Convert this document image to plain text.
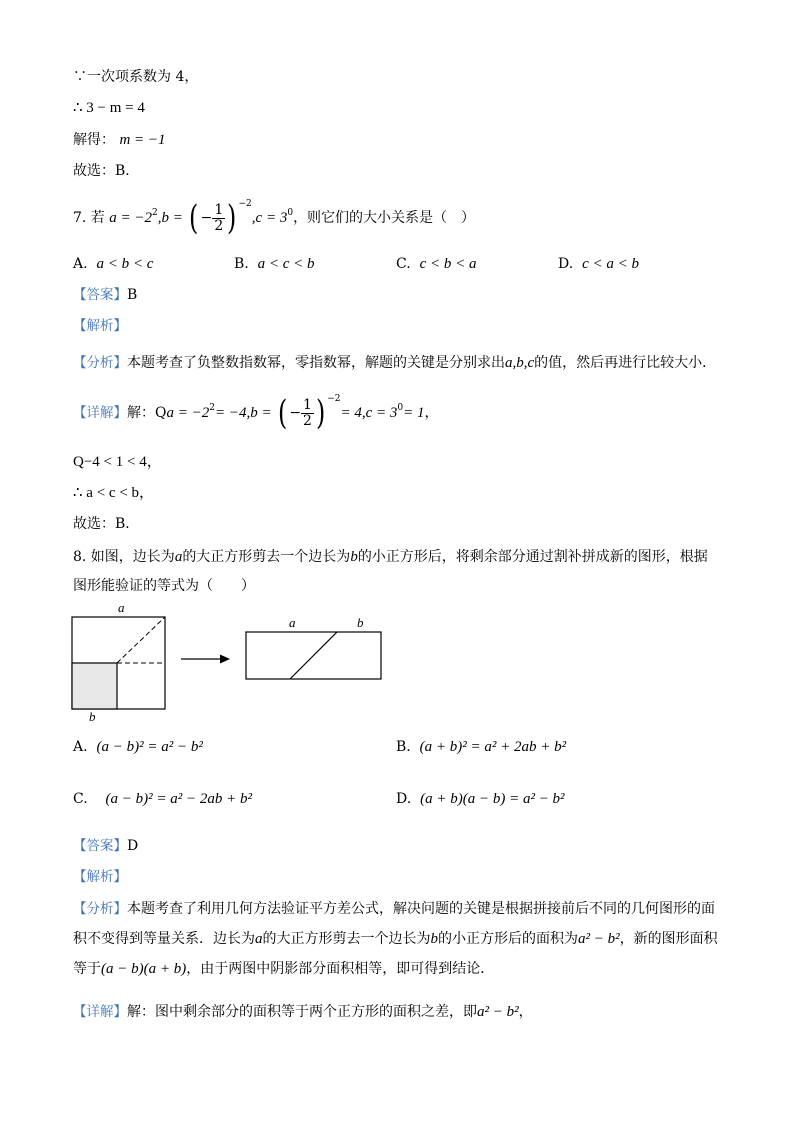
∵一次项系数为 4，
∴ 3 − m = 4
解得： m = −1
故选：B．
7. 若 $a = -2^2,b$ = ( − $\frac{1}{2}$ ) $^{-2},c = 3^0$，则它们的大小关系是（　）
A. a < b < c	B. a < c < b	C. c < b < a	D. c < a < b
【答案】B
【解析】
【分析】本题考查了负整数指数幂，零指数幂，解题的关键是分别求出a,b,c的值，然后再进行比较大小．
【详解】解：$Qa = -2^2= -4,b$ = ( − $\frac{1}{2}$ ) $^{-2}= 4,c = 3^0= 1$，
Q−4 < 1 < 4，
∴ a < c < b，
故选：B．
8. 如图，边长为a的大正方形剪去一个边长为b的小正方形后，将剩余部分通过割补拼成新的图形，根据
图形能验证的等式为（　　）
a
b
a	b
A. (a − b)² = a² − b²	B. (a + b)² = a² + 2ab + b²
C. (a − b)² = a² − 2ab + b²	D. (a + b)(a − b) = a² − b²
【答案】D
【解析】
【分析】本题考查了利用几何方法验证平方差公式，解决问题的关键是根据拼接前后不同的几何图形的面
积不变得到等量关系．边长为a的大正方形剪去一个边长为b的小正方形后的面积为a² − b²，新的图形面积
等于(a − b)(a + b)，由于两图中阴影部分面积相等，即可得到结论．
【详解】解：图中剩余部分的面积等于两个正方形的面积之差，即a² − b²，
